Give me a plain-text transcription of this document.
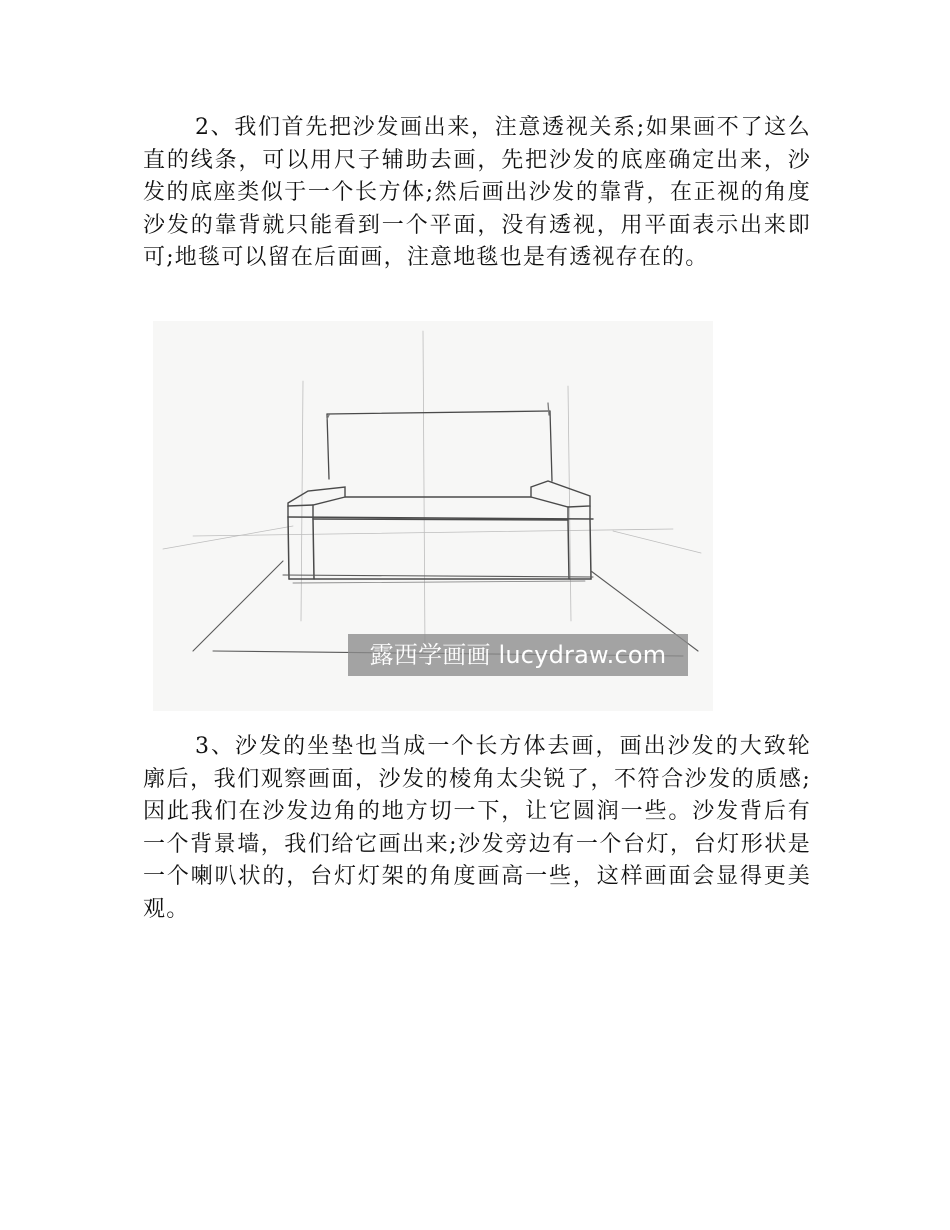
2、我们首先把沙发画出来，注意透视关系;如果画不了这么直的线条，可以用尺子辅助去画，先把沙发的底座确定出来，沙发的底座类似于一个长方体;然后画出沙发的靠背，在正视的角度沙发的靠背就只能看到一个平面，没有透视，用平面表示出来即可;地毯可以留在后面画，注意地毯也是有透视存在的。

露西学画画 lucydraw.com

3、沙发的坐垫也当成一个长方体去画，画出沙发的大致轮廓后，我们观察画面，沙发的棱角太尖锐了，不符合沙发的质感;因此我们在沙发边角的地方切一下，让它圆润一些。沙发背后有一个背景墙，我们给它画出来;沙发旁边有一个台灯，台灯形状是一个喇叭状的，台灯灯架的角度画高一些，这样画面会显得更美观。
